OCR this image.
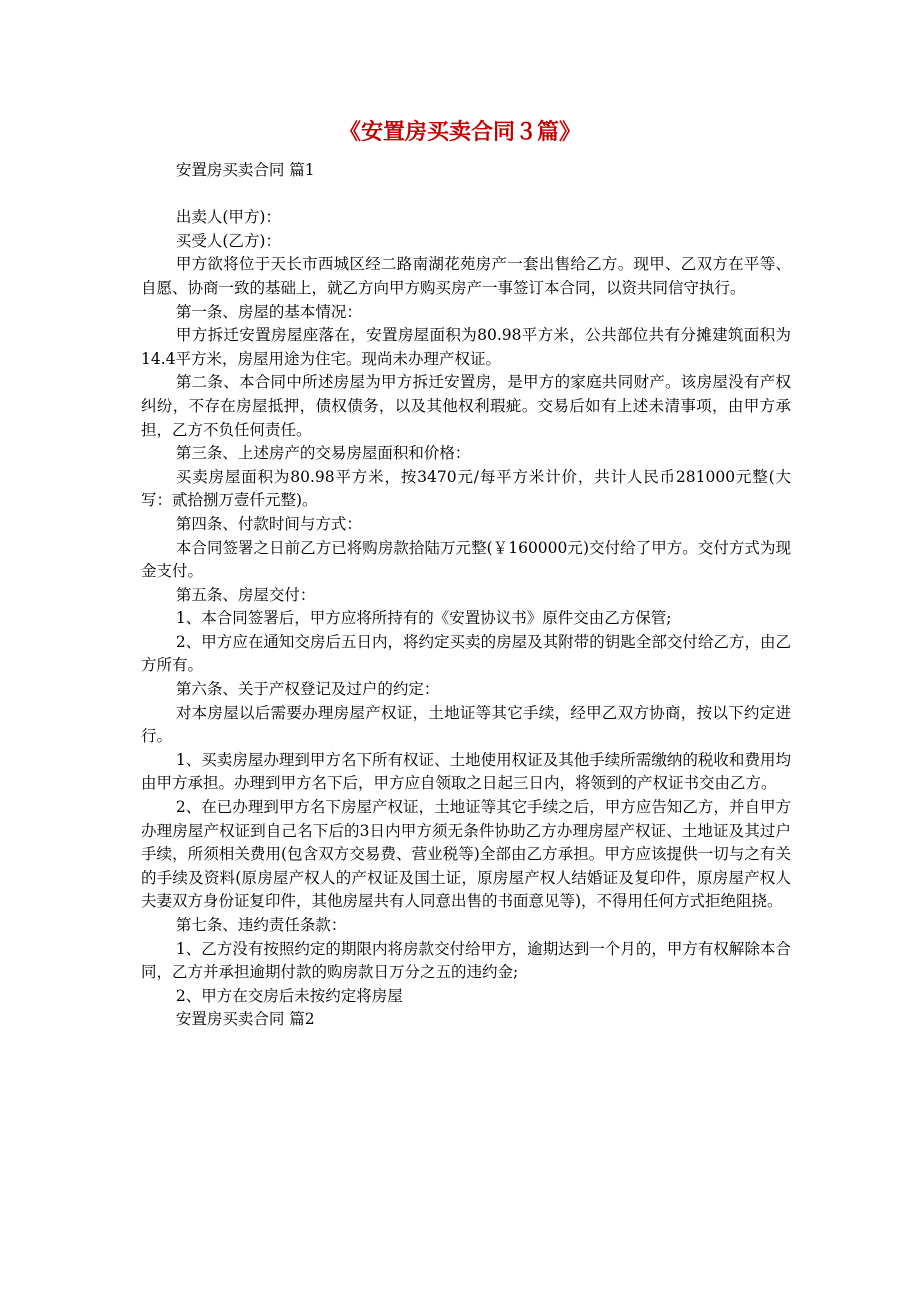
《安置房买卖合同３篇》

安置房买卖合同 篇1

出卖人(甲方)：

买受人(乙方)：

甲方欲将位于天长市西城区经二路南湖花苑房产一套出售给乙方。现甲、乙双方在平等、自愿、协商一致的基础上，就乙方向甲方购买房产一事签订本合同，以资共同信守执行。

第一条、房屋的基本情况：

甲方拆迁安置房屋座落在，安置房屋面积为80.98平方米，公共部位共有分摊建筑面积为14.4平方米，房屋用途为住宅。现尚未办理产权证。

第二条、本合同中所述房屋为甲方拆迁安置房，是甲方的家庭共同财产。该房屋没有产权纠纷，不存在房屋抵押，债权债务，以及其他权利瑕疵。交易后如有上述未清事项，由甲方承担，乙方不负任何责任。

第三条、上述房产的交易房屋面积和价格：

买卖房屋面积为80.98平方米，按3470元/每平方米计价，共计人民币281000元整(大写：贰拾捌万壹仟元整)。

第四条、付款时间与方式：

本合同签署之日前乙方已将购房款拾陆万元整(￥160000元)交付给了甲方。交付方式为现金支付。

第五条、房屋交付：

1、本合同签署后，甲方应将所持有的《安置协议书》原件交由乙方保管;

2、甲方应在通知交房后五日内，将约定买卖的房屋及其附带的钥匙全部交付给乙方，由乙方所有。

第六条、关于产权登记及过户的约定：

对本房屋以后需要办理房屋产权证，土地证等其它手续，经甲乙双方协商，按以下约定进行。

1、买卖房屋办理到甲方名下所有权证、土地使用权证及其他手续所需缴纳的税收和费用均由甲方承担。办理到甲方名下后，甲方应自领取之日起三日内，将领到的产权证书交由乙方。

2、在已办理到甲方名下房屋产权证，土地证等其它手续之后，甲方应告知乙方，并自甲方办理房屋产权证到自己名下后的3日内甲方须无条件协助乙方办理房屋产权证、土地证及其过户手续，所须相关费用(包含双方交易费、营业税等)全部由乙方承担。甲方应该提供一切与之有关的手续及资料(原房屋产权人的产权证及国土证，原房屋产权人结婚证及复印件，原房屋产权人夫妻双方身份证复印件，其他房屋共有人同意出售的书面意见等)，不得用任何方式拒绝阻挠。

第七条、违约责任条款：

1、乙方没有按照约定的期限内将房款交付给甲方，逾期达到一个月的，甲方有权解除本合同，乙方并承担逾期付款的购房款日万分之五的违约金;

2、甲方在交房后未按约定将房屋

安置房买卖合同 篇2
